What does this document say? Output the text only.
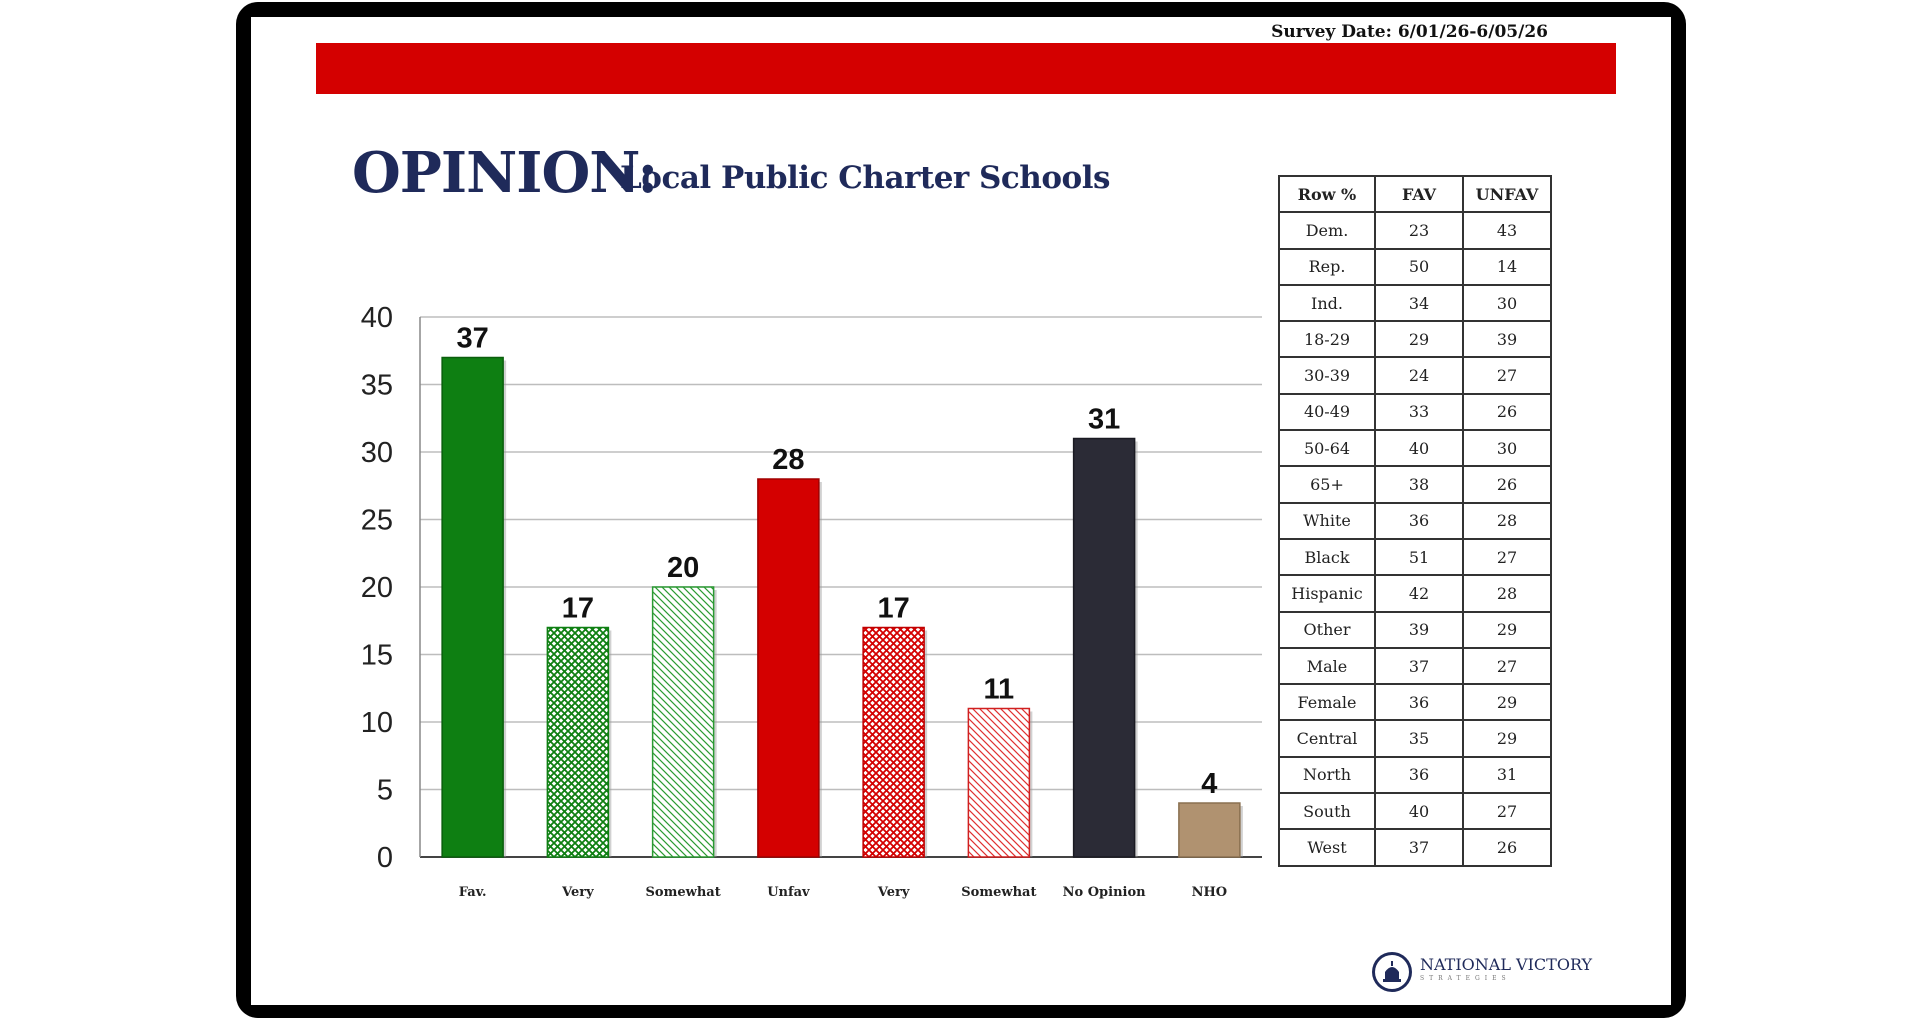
Survey Date: 6/01/26-6/05/26
OPINION:
Local Public Charter Schools
0
5
10
15
20
25
30
35
40
37
17
20
28
17
11
31
4
Fav.	Very	Somewhat	Unfav	Very	Somewhat No Opinion	NHO
Row %	FAV	UNFAV
Dem.	23	43
Rep.	50	14
Ind.	34	30
18-29	29	39
30-39	24	27
40-49	33	26
50-64	40	30
65+	38	26
White	36	28
Black	51	27
Hispanic	42	28
Other	39	29
Male	37	27
Female	36	29
Central	35	29
North	36	31
South	40	27
West	37	26
NATIONAL VICTORY
STRATEGIES
